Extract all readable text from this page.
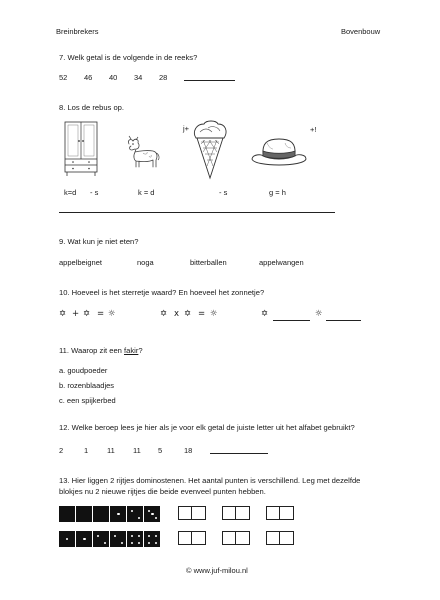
Breinbrekers	Bovenbouw
7. Welk getal is de volgende in de reeks?
52 46 40 34 28
8. Los de rebus op.
j+	+!
k=d - s	k = d	- s	g = h
9. Wat kun je niet eten?
appelbeignet	noga	bitterballen	appelwangen
10. Hoeveel is het sterretje waard? En hoeveel het zonnetje?
✡ + ✡ = ☼	✡ x ✡ = ☼	✡	☼
11. Waarop zit een fakir?
a. goudpoeder
b. rozenblaadjes
c. een spijkerbed
12. Welke beroep lees je hier als je voor elk getal de juiste letter uit het alfabet gebruikt?
2	1	11 11 5	18
13. Hier liggen 2 rijtjes dominostenen. Het aantal punten is verschillend. Leg met dezelfde
blokjes nu 2 nieuwe rijtjes die beide evenveel punten hebben.
© www.juf-milou.nl
